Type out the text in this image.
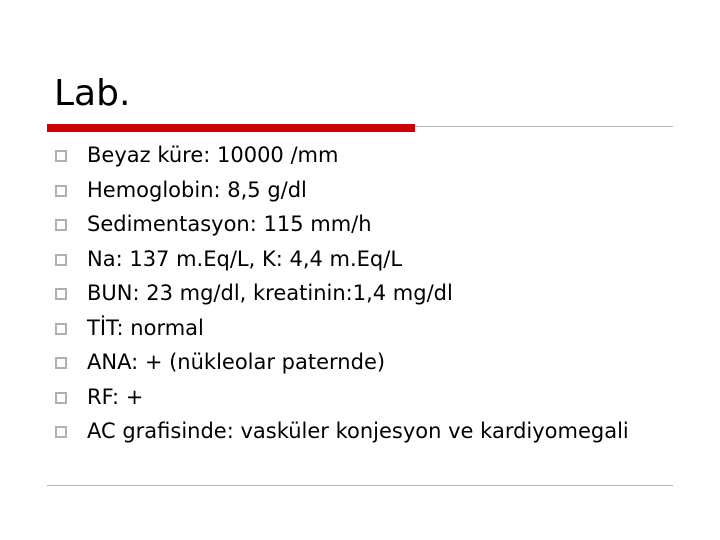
Lab.
Beyaz küre: 10000 /mm
Hemoglobin: 8,5 g/dl
Sedimentasyon: 115 mm/h
Na: 137 m.Eq/L, K: 4,4 m.Eq/L
BUN: 23 mg/dl, kreatinin:1,4 mg/dl
TİT: normal
ANA: + (nükleolar paternde)
RF: +
AC grafisinde: vasküler konjesyon ve kardiyomegali
